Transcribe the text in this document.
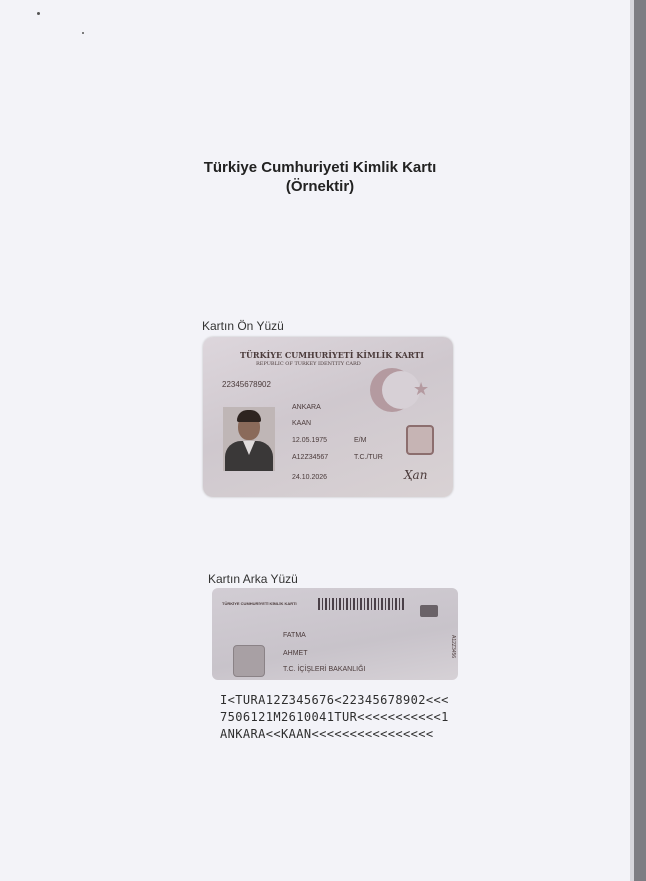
Türkiye Cumhuriyeti Kimlik Kartı
(Örnektir)
Kartın Ön Yüzü
TÜRKİYE CUMHURİYETİ KİMLİK KARTI
REPUBLIC OF TURKEY IDENTITY CARD
22345678902	★
ANKARA
KAAN
12.05.1975	E/M
A12Z34567	T.C./TUR
24.10.2026	Ҳan
Kartın Arka Yüzü
TÜRKİYE CUMHURİYETİ KİMLİK KARTI
FATMA
AHMET
T.C. İÇİŞLERİ BAKANLIĞI
A12Z3456
I<TURA12Z345676<22345678902<<<
7506121M2610041TUR<<<<<<<<<<<1
ANKARA<<KAAN<<<<<<<<<<<<<<<<
